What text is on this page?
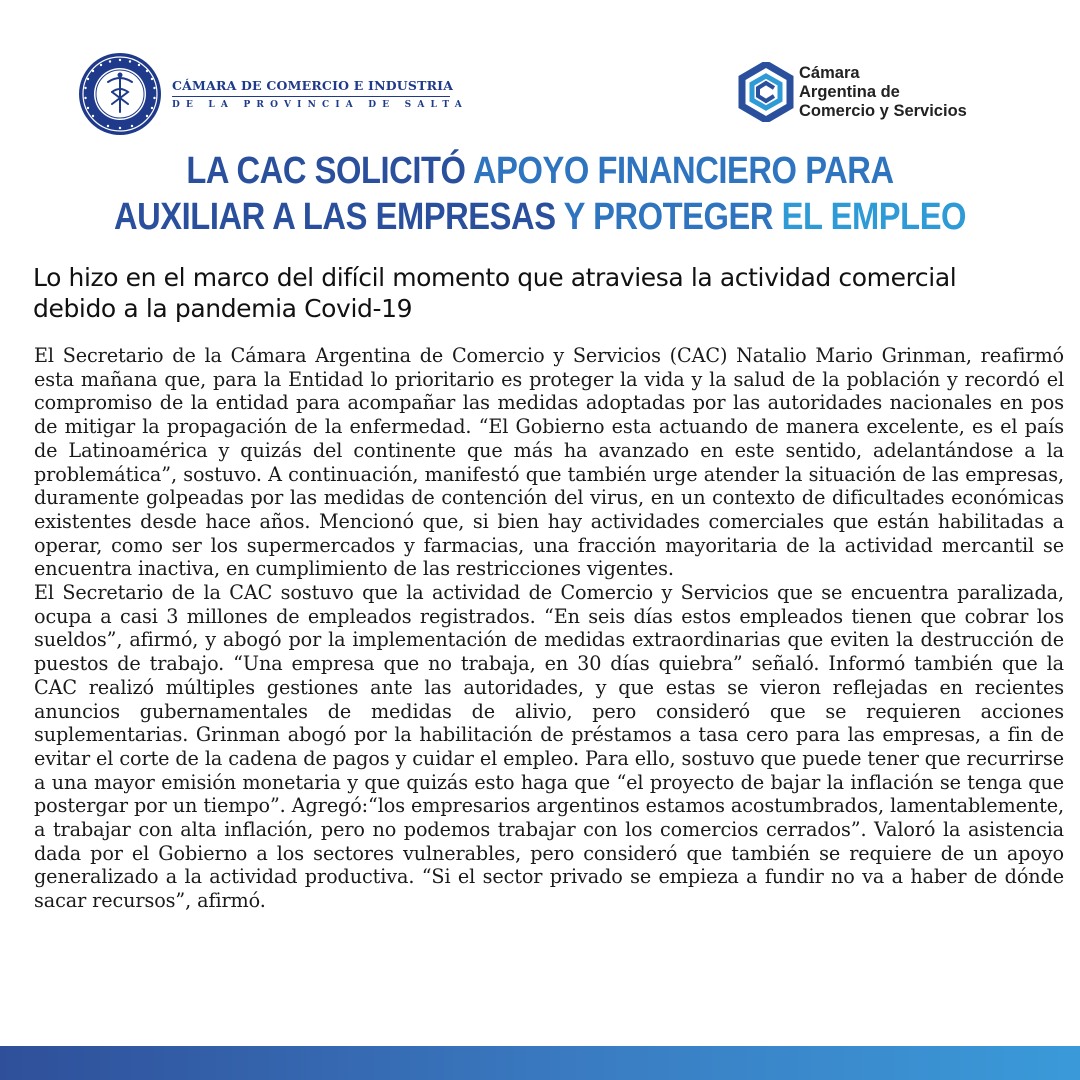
CÁMARA DE COMERCIO E INDUSTRIA
DE LA PROVINCIA DE SALTA
Cámara
Argentina de
Comercio y Servicios
LA CAC SOLICITÓ APOYO FINANCIERO PARA
AUXILIAR A LAS EMPRESAS Y PROTEGER EL EMPLEO
Lo hizo en el marco del difícil momento que atraviesa la actividad comercial
debido a la pandemia Covid-19

El Secretario de la Cámara Argentina de Comercio y Servicios (CAC) Natalio Mario Grinman, reafirmó esta mañana que, para la Entidad lo prioritario es proteger la vida y la salud de la población y recordó el compromiso de la entidad para acompañar las medidas adoptadas por las autoridades nacionales en pos de mitigar la propagación de la enfermedad. “El Gobierno esta actuando de manera excelente, es el país de Latinoamérica y quizás del continente que más ha avanzado en este sentido, adelantándose a la problemática”, sostuvo. A continuación, manifestó que también urge atender la situación de las empresas, duramente golpeadas por las medidas de contención del virus, en un contexto de dificultades económicas existentes desde hace años. Mencionó que, si bien hay actividades comerciales que están habilitadas a operar, como ser los supermercados y farmacias, una fracción mayoritaria de la actividad mercantil se encuentra inactiva, en cumplimiento de las restricciones vigentes.

El Secretario de la CAC sostuvo que la actividad de Comercio y Servicios que se encuentra paralizada, ocupa a casi 3 millones de empleados registrados. “En seis días estos empleados tienen que cobrar los sueldos”, afirmó, y abogó por la implementación de medidas extraordinarias que eviten la destrucción de puestos de trabajo. “Una empresa que no trabaja, en 30 días quiebra” señaló. Informó también que la CAC realizó múltiples gestiones ante las autoridades, y que estas se vieron reflejadas en recientes anuncios gubernamentales de medidas de alivio, pero consideró que se requieren acciones suplementarias. Grinman abogó por la habilitación de préstamos a tasa cero para las empresas, a fin de evitar el corte de la cadena de pagos y cuidar el empleo. Para ello, sostuvo que puede tener que recurrirse a una mayor emisión monetaria y que quizás esto haga que “el proyecto de bajar la inflación se tenga que postergar por un tiempo”. Agregó:“los empresarios argentinos estamos acostumbrados, lamentablemente, a trabajar con alta inflación, pero no podemos trabajar con los comercios cerrados”. Valoró la asistencia dada por el Gobierno a los sectores vulnerables, pero consideró que también se requiere de un apoyo generalizado a la actividad productiva. “Si el sector privado se empieza a fundir no va a haber de dónde sacar recursos”, afirmó.
